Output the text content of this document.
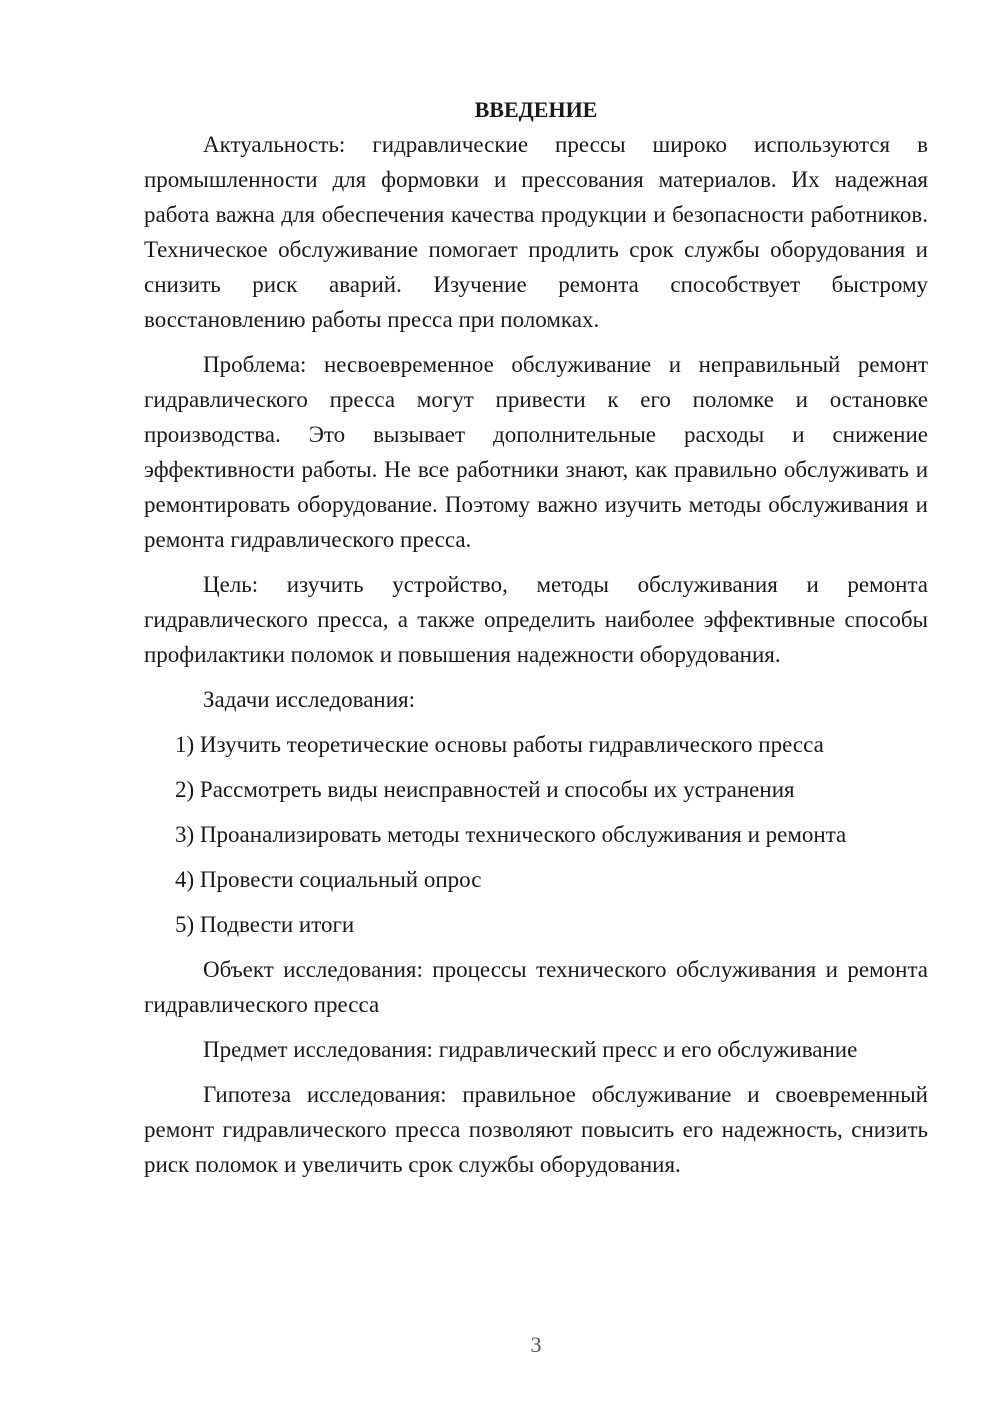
ВВЕДЕНИЕ

Актуальность: гидравлические прессы широко используются в промышленности для формовки и прессования материалов. Их надежная работа важна для обеспечения качества продукции и безопасности работников. Техническое обслуживание помогает продлить срок службы оборудования и снизить риск аварий. Изучение ремонта способствует быстрому восстановлению работы пресса при поломках.

Проблема: несвоевременное обслуживание и неправильный ремонт гидравлического пресса могут привести к его поломке и остановке производства. Это вызывает дополнительные расходы и снижение эффективности работы. Не все работники знают, как правильно обслуживать и ремонтировать оборудование. Поэтому важно изучить методы обслуживания и ремонта гидравлического пресса.

Цель: изучить устройство, методы обслуживания и ремонта гидравлического пресса, а также определить наиболее эффективные способы профилактики поломок и повышения надежности оборудования.

Задачи исследования:

1) Изучить теоретические основы работы гидравлического пресса

2) Рассмотреть виды неисправностей и способы их устранения

3) Проанализировать методы технического обслуживания и ремонта

4) Провести социальный опрос

5) Подвести итоги

Объект исследования: процессы технического обслуживания и ремонта гидравлического пресса

Предмет исследования: гидравлический пресс и его обслуживание

Гипотеза исследования: правильное обслуживание и своевременный ремонт гидравлического пресса позволяют повысить его надежность, снизить риск поломок и увеличить срок службы оборудования.

3
